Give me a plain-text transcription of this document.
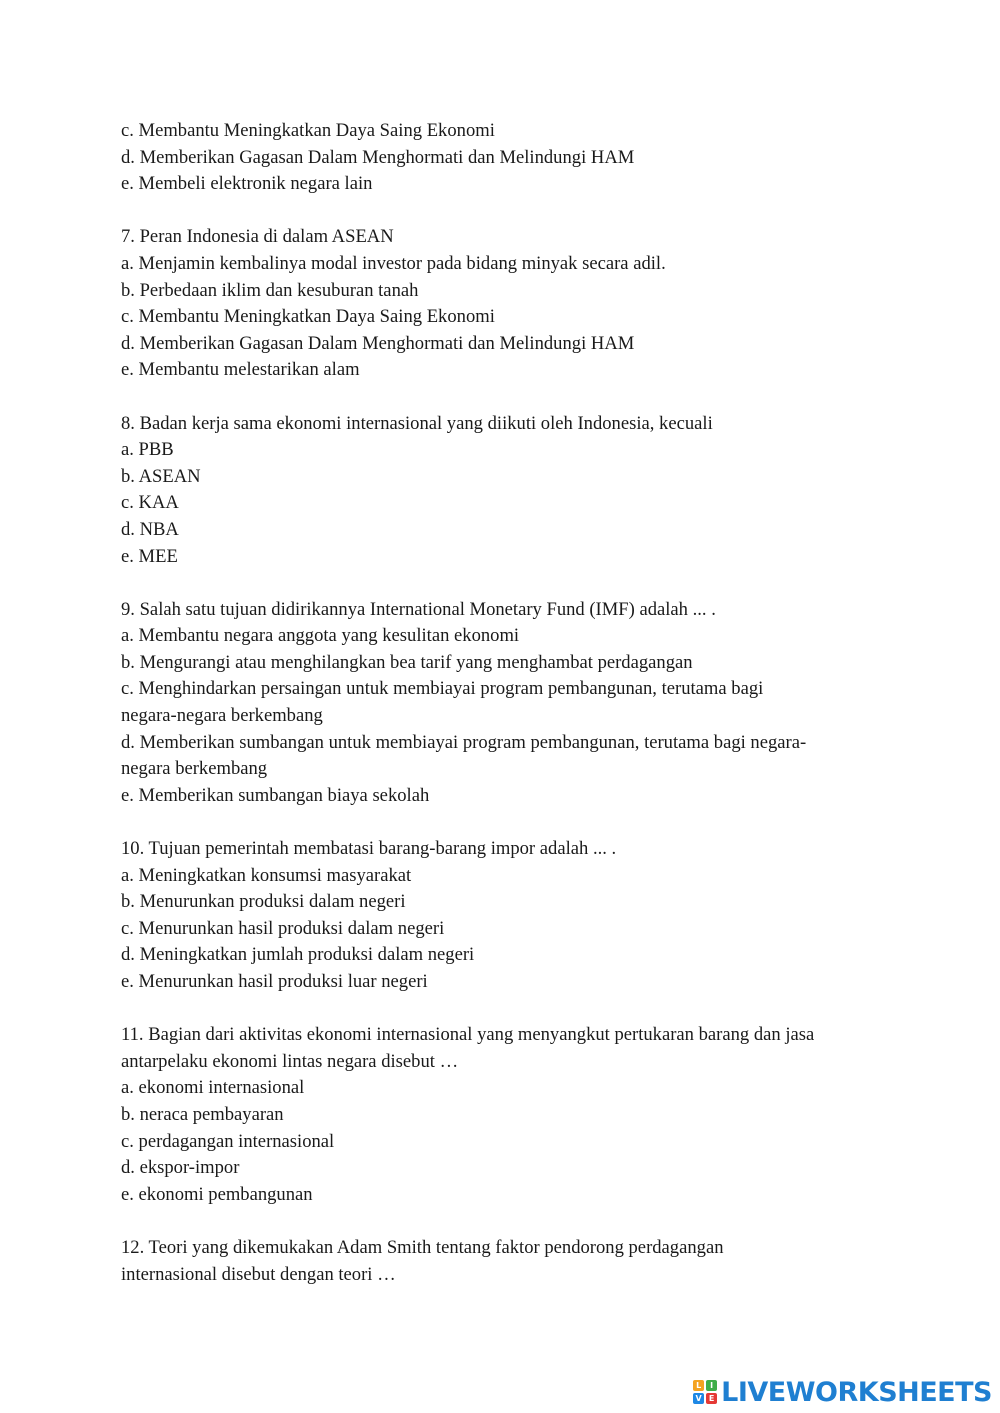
c. Membantu Meningkatkan Daya Saing Ekonomi
d. Memberikan Gagasan Dalam Menghormati dan Melindungi HAM
e. Membeli elektronik negara lain
7. Peran Indonesia di dalam ASEAN
a. Menjamin kembalinya modal investor pada bidang minyak secara adil.
b. Perbedaan iklim dan kesuburan tanah
c. Membantu Meningkatkan Daya Saing Ekonomi
d. Memberikan Gagasan Dalam Menghormati dan Melindungi HAM
e. Membantu melestarikan alam
8. Badan kerja sama ekonomi internasional yang diikuti oleh Indonesia, kecuali
a. PBB
b. ASEAN
c. KAA
d. NBA
e. MEE
9. Salah satu tujuan didirikannya International Monetary Fund (IMF) adalah ... .
a. Membantu negara anggota yang kesulitan ekonomi
b. Mengurangi atau menghilangkan bea tarif yang menghambat perdagangan
c. Menghindarkan persaingan untuk membiayai program pembangunan, terutama bagi
negara-negara berkembang
d. Memberikan sumbangan untuk membiayai program pembangunan, terutama bagi negara-
negara berkembang
e. Memberikan sumbangan biaya sekolah
10. Tujuan pemerintah membatasi barang-barang impor adalah ... .
a. Meningkatkan konsumsi masyarakat
b. Menurunkan produksi dalam negeri
c. Menurunkan hasil produksi dalam negeri
d. Meningkatkan jumlah produksi dalam negeri
e. Menurunkan hasil produksi luar negeri
11. Bagian dari aktivitas ekonomi internasional yang menyangkut pertukaran barang dan jasa
antarpelaku ekonomi lintas negara disebut …
a. ekonomi internasional
b. neraca pembayaran
c. perdagangan internasional
d. ekspor-impor
e. ekonomi pembangunan
12. Teori yang dikemukakan Adam Smith tentang faktor pendorong perdagangan
internasional disebut dengan teori …
L	I
V E LIVEWORKSHEETS
